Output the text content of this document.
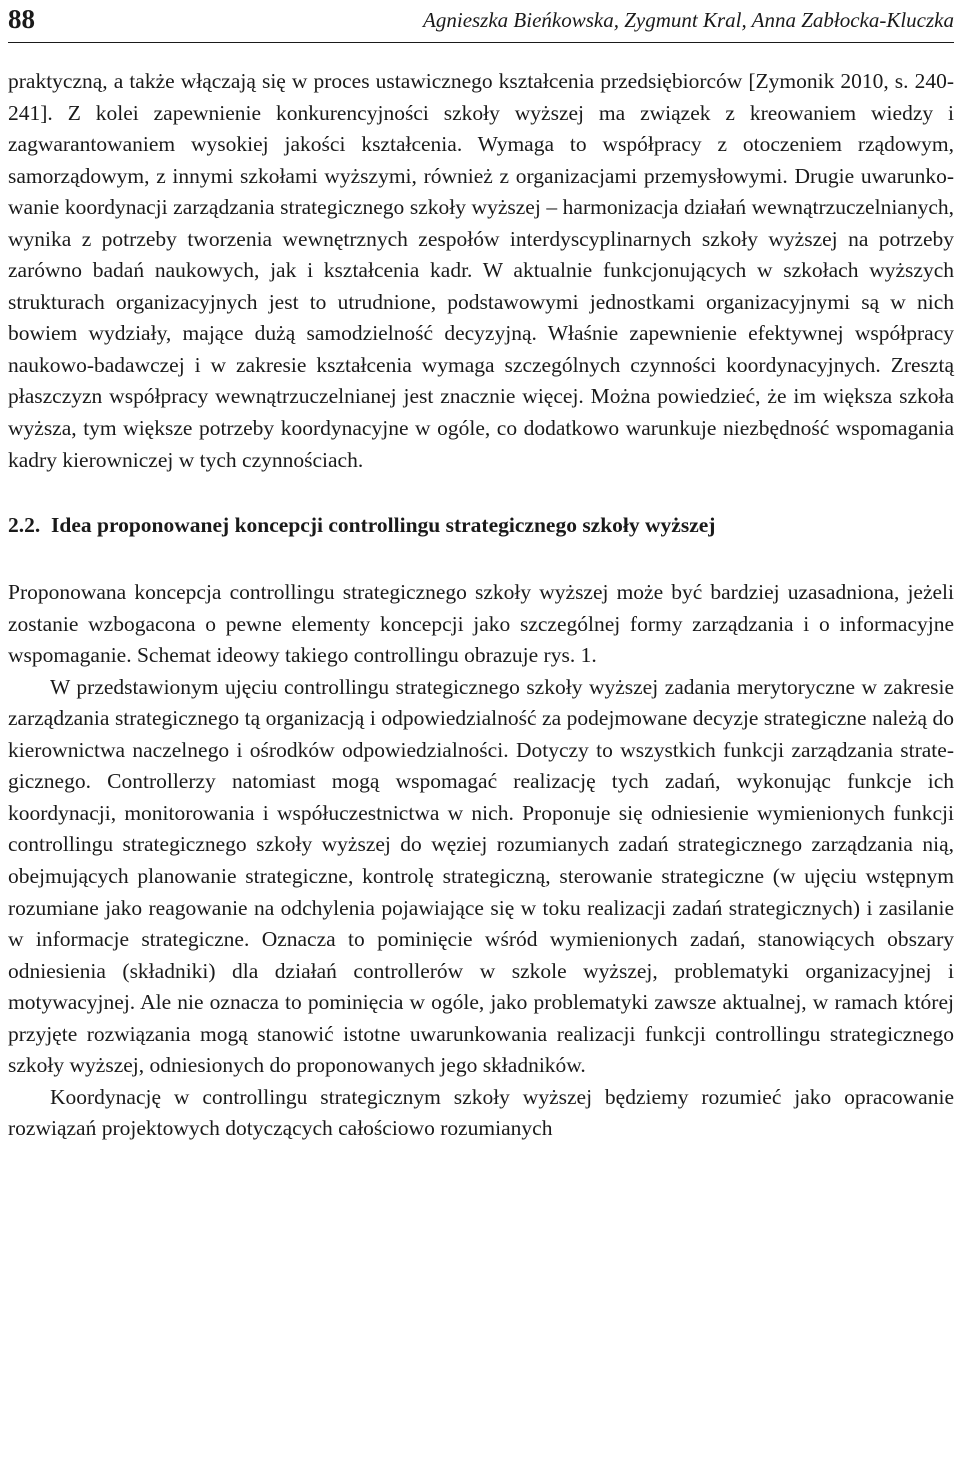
88	Agnieszka Bieńkowska, Zygmunt Kral, Anna Zabłocka-Kluczka

praktyczną, a także włączają się w proces ustawicznego kształcenia przedsiębiorców [Zymonik 2010, s. 240-241]. Z kolei zapewnienie konkurencyjności szkoły wyższej ma związek z kreowaniem wiedzy i zagwarantowaniem wysokiej jakości kształcenia. Wymaga to współpracy z otoczeniem rządowym, samorządowym, z innymi szkołami wyższymi, również z organizacjami przemysłowymi. Drugie uwarunkowanie koordynacji zarządzania strategicznego szkoły wyższej – harmonizacja działań wewnątrzuczelnianych, wynika z potrzeby tworzenia wewnętrznych zespołów interdyscyplinarnych szkoły wyższej na potrzeby zarówno badań naukowych, jak i kształcenia kadr. W aktualnie funkcjonujących w szkołach wyższych strukturach organizacyjnych jest to utrudnione, podstawowymi jednostkami organizacyjnymi są w nich bowiem wydziały, mające dużą samodzielność decyzyjną. Właśnie zapewnienie efektywnej współpracy naukowo-badawczej i w zakresie kształcenia wymaga szczególnych czynności koordynacyjnych. Zresztą płaszczyzn współpracy wewnątrzuczelnianej jest znacznie więcej. Można powiedzieć, że im większa szkoła wyższa, tym większe potrzeby koordynacyjne w ogóle, co dodatkowo warunkuje niezbędność wspomagania kadry kierowniczej w tych czynnościach.

2.2. Idea proponowanej koncepcji controllingu strategicznego szkoły wyższej

Proponowana koncepcja controllingu strategicznego szkoły wyższej może być bardziej uzasadniona, jeżeli zostanie wzbogacona o pewne elementy koncepcji jako szczególnej formy zarządzania i o informacyjne wspomaganie. Schemat ideowy takiego controllingu obrazuje rys. 1.

W przedstawionym ujęciu controllingu strategicznego szkoły wyższej zadania merytoryczne w zakresie zarządzania strategicznego tą organizacją i odpowiedzialność za podejmowane decyzje strategiczne należą do kierownictwa naczelnego i ośrodków odpowiedzialności. Dotyczy to wszystkich funkcji zarządzania strategicznego. Controllerzy natomiast mogą wspomagać realizację tych zadań, wykonując funkcje ich koordynacji, monitorowania i współuczestnictwa w nich. Proponuje się odniesienie wymienionych funkcji controllingu strategicznego szkoły wyższej do węziej rozumianych zadań strategicznego zarządzania nią, obejmujących planowanie strategiczne, kontrolę strategiczną, sterowanie strategiczne (w ujęciu wstępnym rozumiane jako reagowanie na odchylenia pojawiające się w toku realizacji zadań strategicznych) i zasilanie w informacje strategiczne. Oznacza to pominięcie wśród wymienionych zadań, stanowiących obszary odniesienia (składniki) dla działań controllerów w szkole wyższej, problematyki organizacyjnej i motywacyjnej. Ale nie oznacza to pominięcia w ogóle, jako problematyki zawsze aktualnej, w ramach której przyjęte rozwiązania mogą stanowić istotne uwarunkowania realizacji funkcji controllingu strategicznego szkoły wyższej, odniesionych do proponowanych jego składników.

Koordynację w controllingu strategicznym szkoły wyższej będziemy rozumieć jako opracowanie rozwiązań projektowych dotyczących całościowo rozumianych
